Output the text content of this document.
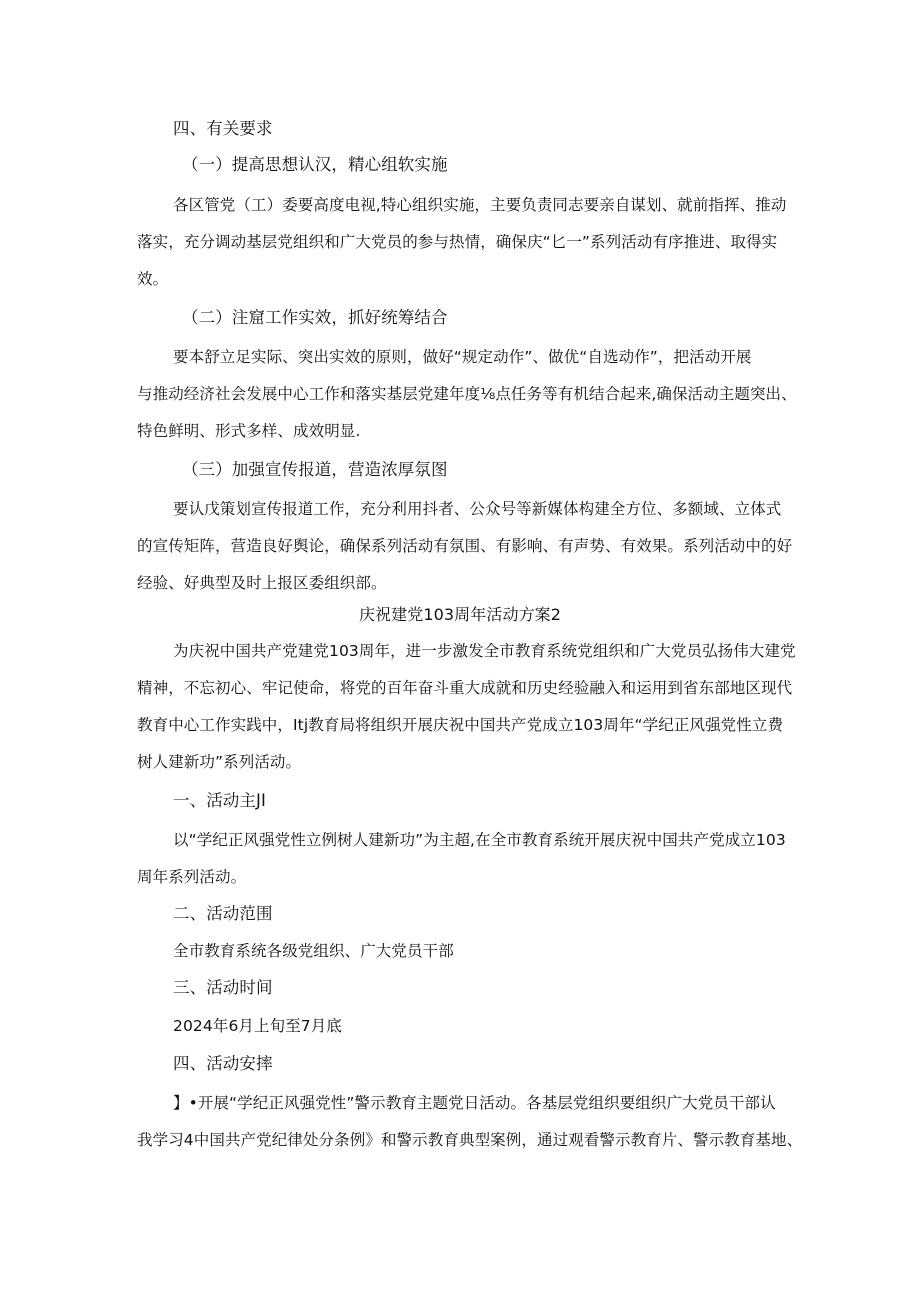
四、有关要求

（一）提高思想认汉，精心组软实施

各区管党（工）委要高度电视,特心组织实施，主要负责同志要亲自谋划、就前指挥、推动

落实，充分调动基层党组织和广大党员的参与热情，确保庆“匕一”系列活动有序推进、取得实

效。

（二）注窟工作实效，抓好统筹结合

要本舒立足实际、突出实效的原则，做好“规定动作”、做优“自选动作”，把活动开展

与推动经济社会发展中心工作和落实基层党建年度⅛点任务等有机结合起来,确保活动主题突出、

特色鲜明、形式多样、成效明显.

（三）加强宣传报道，营造浓厚氛图

要认戊策划宣传报道工作，充分利用抖者、公众号等新媒体构建全方位、多额域、立体式

的宣传矩阵，营造良好舆论，确保系列活动有氛围、有影响、有声势、有效果。系列活动中的好

经验、好典型及时上报区委组织部。

庆祝建党103周年活动方案2

为庆祝中国共产党建党103周年，进一步激发全市教育系统党组织和广大党员弘扬伟大建党

精神，不忘初心、牢记使命，将党的百年奋斗重大成就和历史经验融入和运用到省东部地区现代

教育中心工作实践中，Itj教育局将组织开展庆祝中国共产党成立103周年“学纪正风强党性立费

树人建新功”系列活动。

一、活动主JI

以“学纪正风强党性立例树人建新功”为主超,在全市教育系统开展庆祝中国共产党成立103

周年系列活动。

二、活动范围

全市教育系统各级党组织、广大党员干部

三、活动时间

2024年6月上旬至7月底

四、活动安摔

】•开展“学纪正风强党性”警示教育主题党日活动。各基层党组织要组织广大党员干部认

我学习4中国共产党纪律处分条例》和警示教育典型案例，通过观看警示教育片、警示教育基地、
